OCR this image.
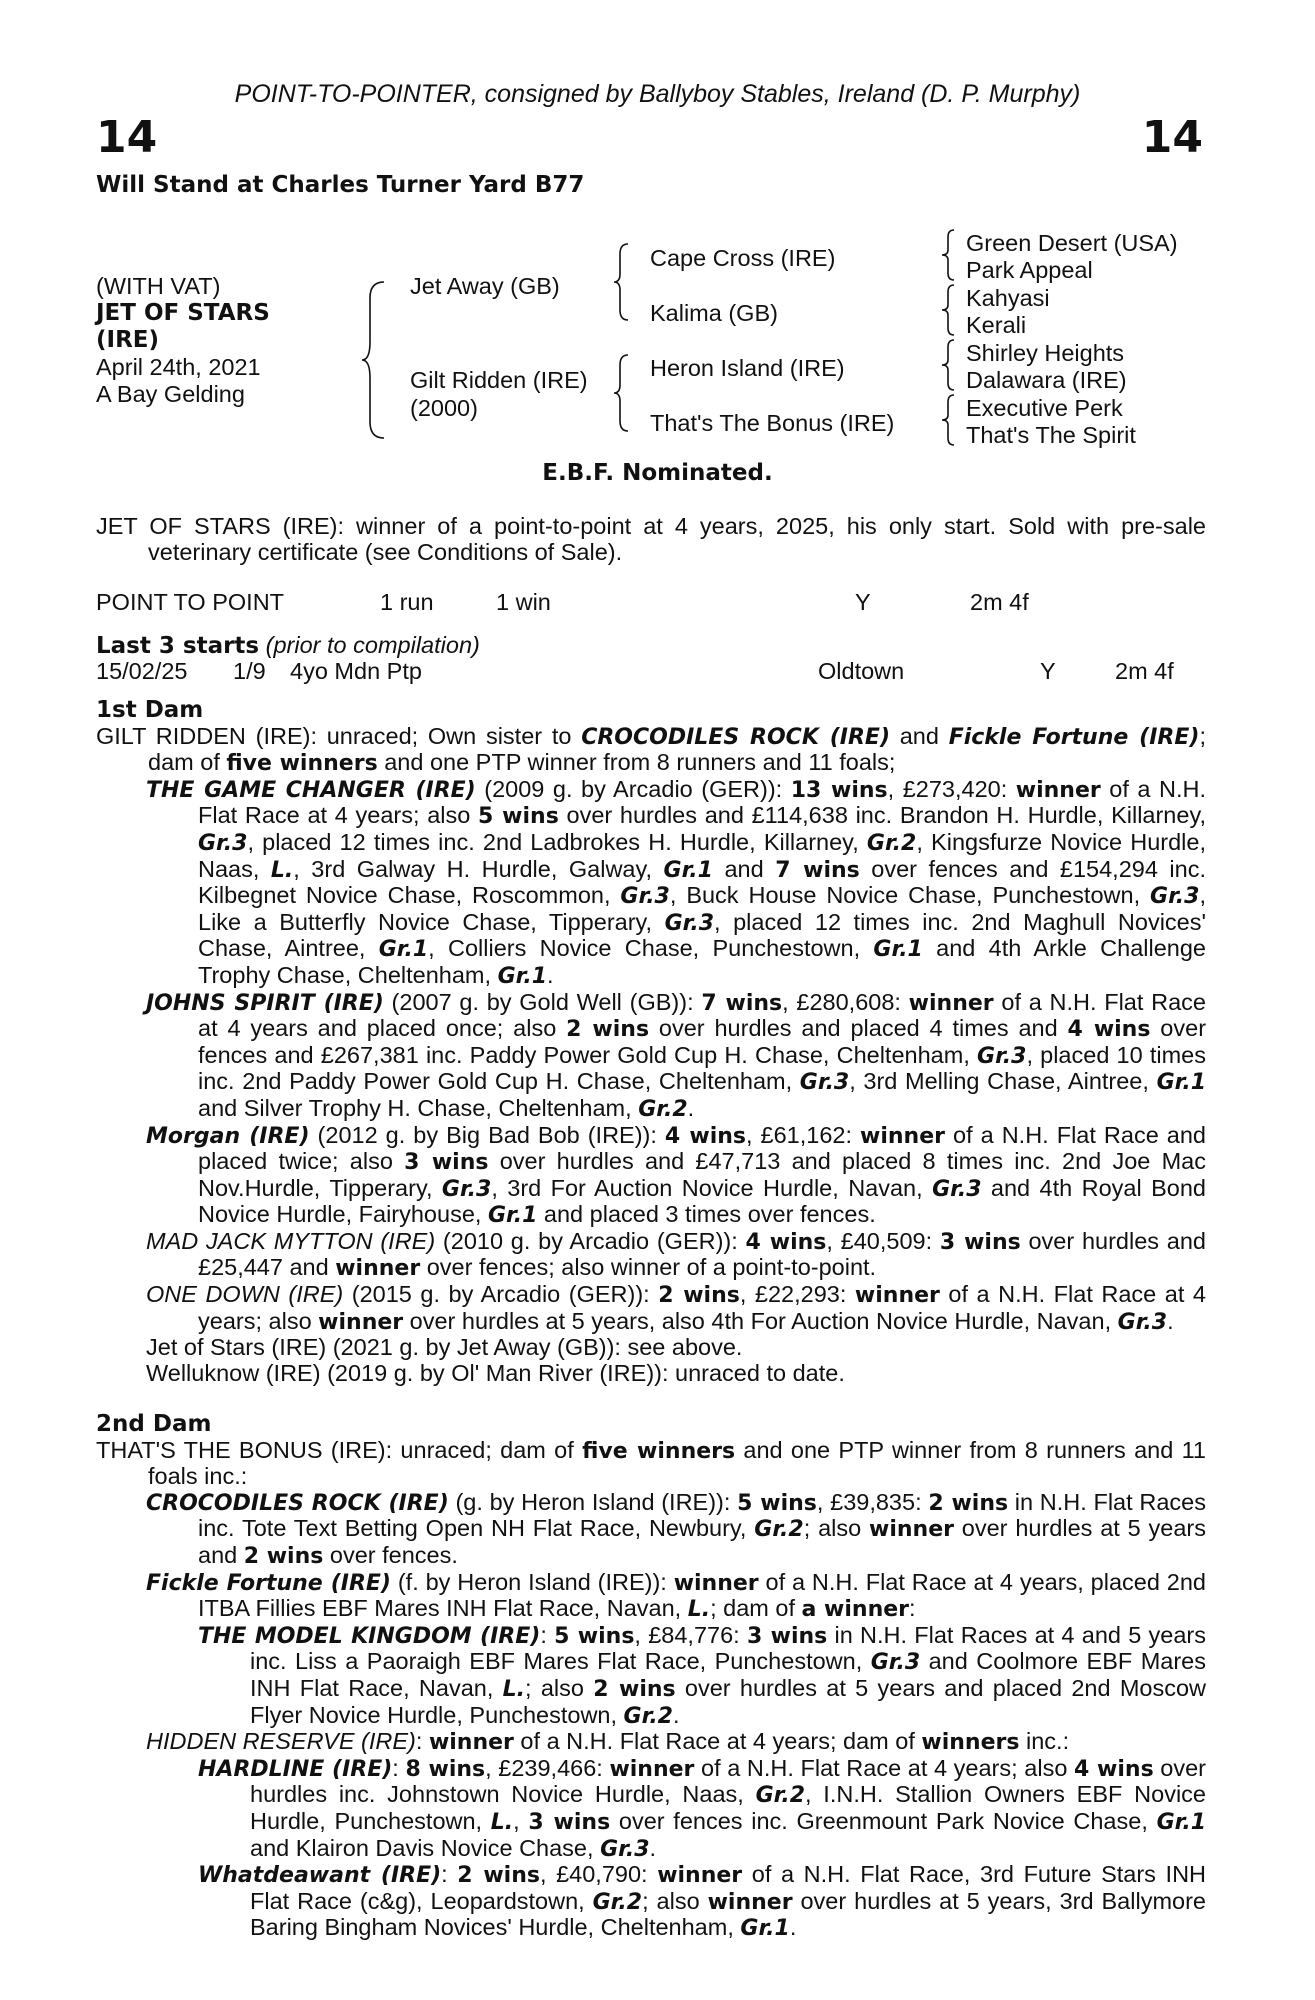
POINT-TO-POINTER, consigned by Ballyboy Stables, Ireland (D. P. Murphy)
14	14
Will Stand at Charles Turner Yard B77
(WITH VAT)
JET OF STARS
(IRE)
April 24th, 2021
A Bay Gelding
Jet Away (GB)
Gilt Ridden (IRE)
(2000)
Cape Cross (IRE)
Kalima (GB)
Heron Island (IRE)
That's The Bonus (IRE)
Green Desert (USA)
Park Appeal
Kahyasi
Kerali
Shirley Heights
Dalawara (IRE)
Executive Perk
That's The Spirit
E.B.F. Nominated.

JET OF STARS (IRE): winner of a point-to-point at 4 years, 2025, his only start. Sold with pre-sale veterinary certificate (see Conditions of Sale).

POINT TO POINT	1 run	1 win	Y	2m 4f
Last 3 starts (prior to compilation)
15/02/25 1/9 4yo Mdn Ptp	Oldtown	Y	2m 4f

1st Dam

GILT RIDDEN (IRE): unraced; Own sister to CROCODILES ROCK (IRE) and Fickle Fortune (IRE); dam of five winners and one PTP winner from 8 runners and 11 foals;

THE GAME CHANGER (IRE) (2009 g. by Arcadio (GER)): 13 wins, £273,420: winner of a N.H. Flat Race at 4 years; also 5 wins over hurdles and £114,638 inc. Brandon H. Hurdle, Killarney, Gr.3, placed 12 times inc. 2nd Ladbrokes H. Hurdle, Killarney, Gr.2, Kingsfurze Novice Hurdle, Naas, L., 3rd Galway H. Hurdle, Galway, Gr.1 and 7 wins over fences and £154,294 inc. Kilbegnet Novice Chase, Roscommon, Gr.3, Buck House Novice Chase, Punchestown, Gr.3, Like a Butterfly Novice Chase, Tipperary, Gr.3, placed 12 times inc. 2nd Maghull Novices' Chase, Aintree, Gr.1, Colliers Novice Chase, Punchestown, Gr.1 and 4th Arkle Challenge Trophy Chase, Cheltenham, Gr.1.

JOHNS SPIRIT (IRE) (2007 g. by Gold Well (GB)): 7 wins, £280,608: winner of a N.H. Flat Race at 4 years and placed once; also 2 wins over hurdles and placed 4 times and 4 wins over fences and £267,381 inc. Paddy Power Gold Cup H. Chase, Cheltenham, Gr.3, placed 10 times inc. 2nd Paddy Power Gold Cup H. Chase, Cheltenham, Gr.3, 3rd Melling Chase, Aintree, Gr.1 and Silver Trophy H. Chase, Cheltenham, Gr.2.

Morgan (IRE) (2012 g. by Big Bad Bob (IRE)): 4 wins, £61,162: winner of a N.H. Flat Race and placed twice; also 3 wins over hurdles and £47,713 and placed 8 times inc. 2nd Joe Mac Nov.Hurdle, Tipperary, Gr.3, 3rd For Auction Novice Hurdle, Navan, Gr.3 and 4th Royal Bond Novice Hurdle, Fairyhouse, Gr.1 and placed 3 times over fences.

MAD JACK MYTTON (IRE) (2010 g. by Arcadio (GER)): 4 wins, £40,509: 3 wins over hurdles and £25,447 and winner over fences; also winner of a point-to-point.

ONE DOWN (IRE) (2015 g. by Arcadio (GER)): 2 wins, £22,293: winner of a N.H. Flat Race at 4 years; also winner over hurdles at 5 years, also 4th For Auction Novice Hurdle, Navan, Gr.3.

Jet of Stars (IRE) (2021 g. by Jet Away (GB)): see above.

Welluknow (IRE) (2019 g. by Ol' Man River (IRE)): unraced to date.

2nd Dam

THAT'S THE BONUS (IRE): unraced; dam of five winners and one PTP winner from 8 runners and 11 foals inc.:

CROCODILES ROCK (IRE) (g. by Heron Island (IRE)): 5 wins, £39,835: 2 wins in N.H. Flat Races inc. Tote Text Betting Open NH Flat Race, Newbury, Gr.2; also winner over hurdles at 5 years and 2 wins over fences.

Fickle Fortune (IRE) (f. by Heron Island (IRE)): winner of a N.H. Flat Race at 4 years, placed 2nd ITBA Fillies EBF Mares INH Flat Race, Navan, L.; dam of a winner:

THE MODEL KINGDOM (IRE): 5 wins, £84,776: 3 wins in N.H. Flat Races at 4 and 5 years inc. Liss a Paoraigh EBF Mares Flat Race, Punchestown, Gr.3 and Coolmore EBF Mares INH Flat Race, Navan, L.; also 2 wins over hurdles at 5 years and placed 2nd Moscow Flyer Novice Hurdle, Punchestown, Gr.2.

HIDDEN RESERVE (IRE): winner of a N.H. Flat Race at 4 years; dam of winners inc.:

HARDLINE (IRE): 8 wins, £239,466: winner of a N.H. Flat Race at 4 years; also 4 wins over hurdles inc. Johnstown Novice Hurdle, Naas, Gr.2, I.N.H. Stallion Owners EBF Novice Hurdle, Punchestown, L., 3 wins over fences inc. Greenmount Park Novice Chase, Gr.1 and Klairon Davis Novice Chase, Gr.3.

Whatdeawant (IRE): 2 wins, £40,790: winner of a N.H. Flat Race, 3rd Future Stars INH Flat Race (c&g), Leopardstown, Gr.2; also winner over hurdles at 5 years, 3rd Ballymore Baring Bingham Novices' Hurdle, Cheltenham, Gr.1.
